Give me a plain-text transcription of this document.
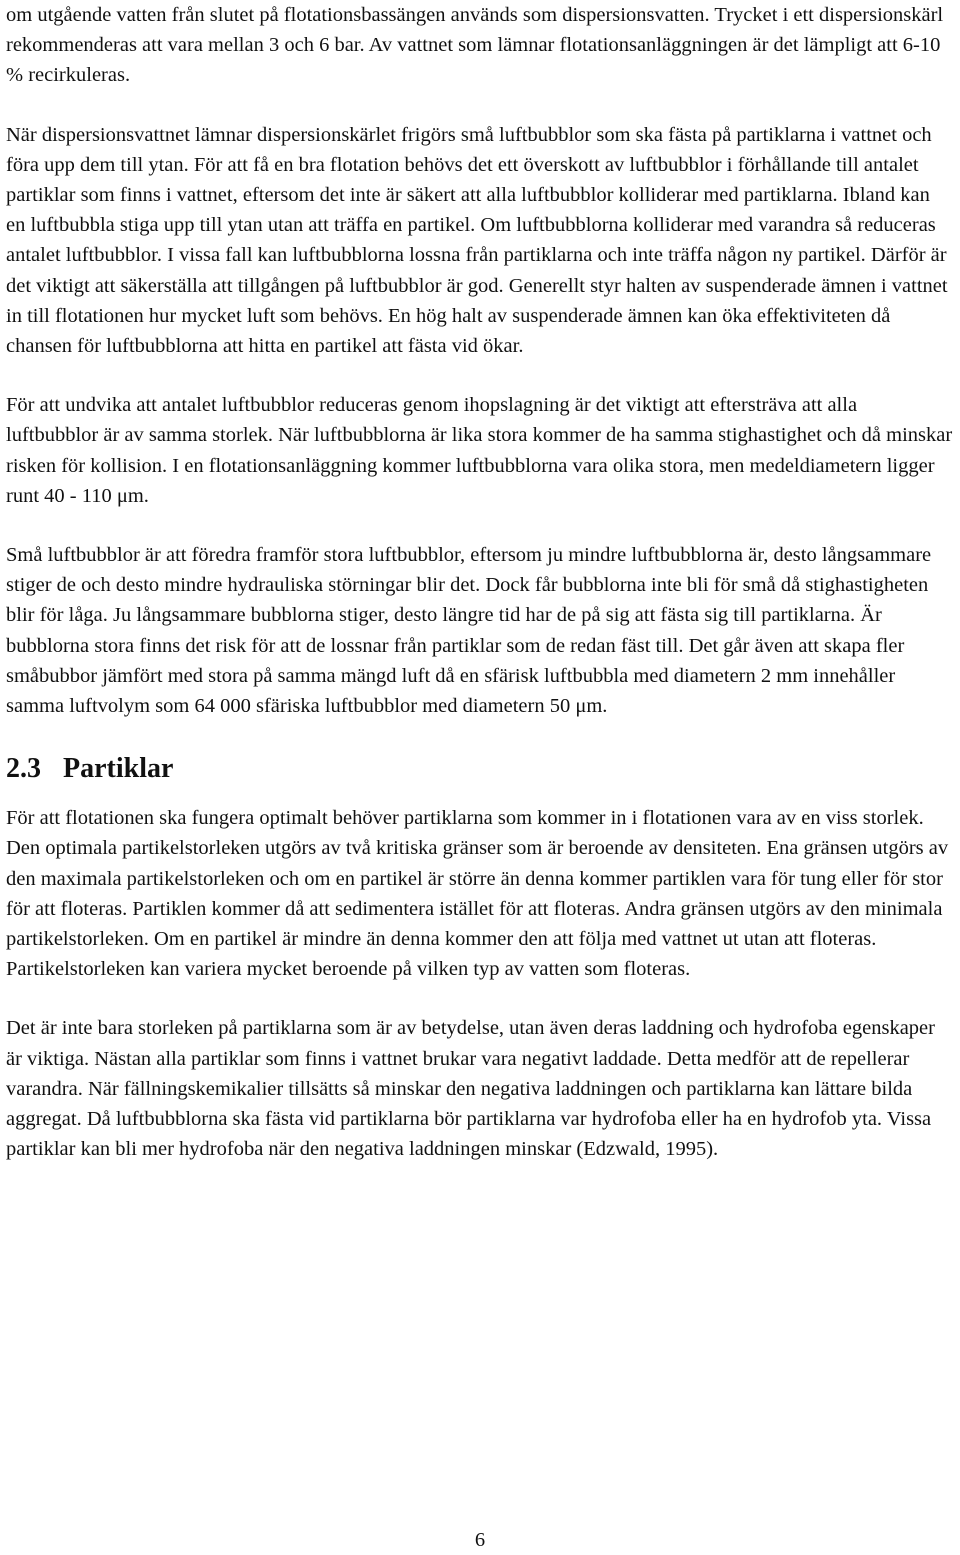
om utgående vatten från slutet på flotationsbassängen används som dispersionsvatten. Trycket i ett dispersionskärl rekommenderas att vara mellan 3 och 6 bar. Av vattnet som lämnar flotationsanläggningen är det lämpligt att 6-10 % recirkuleras.

När dispersionsvattnet lämnar dispersionskärlet frigörs små luftbubblor som ska fästa på partiklarna i vattnet och föra upp dem till ytan. För att få en bra flotation behövs det ett överskott av luftbubblor i förhållande till antalet partiklar som finns i vattnet, eftersom det inte är säkert att alla luftbubblor kolliderar med partiklarna. Ibland kan en luftbubbla stiga upp till ytan utan att träffa en partikel. Om luftbubblorna kolliderar med varandra så reduceras antalet luftbubblor. I vissa fall kan luftbubblorna lossna från partiklarna och inte träffa någon ny partikel. Därför är det viktigt att säkerställa att tillgången på luftbubblor är god. Generellt styr halten av suspenderade ämnen i vattnet in till flotationen hur mycket luft som behövs. En hög halt av suspenderade ämnen kan öka effektiviteten då chansen för luftbubblorna att hitta en partikel att fästa vid ökar.

För att undvika att antalet luftbubblor reduceras genom ihopslagning är det viktigt att eftersträva att alla luftbubblor är av samma storlek. När luftbubblorna är lika stora kommer de ha samma stighastighet och då minskar risken för kollision. I en flotationsanläggning kommer luftbubblorna vara olika stora, men medeldiametern ligger runt 40 - 110 μm.

Små luftbubblor är att föredra framför stora luftbubblor, eftersom ju mindre luftbubblorna är, desto långsammare stiger de och desto mindre hydrauliska störningar blir det. Dock får bubblorna inte bli för små då stighastigheten blir för låga. Ju långsammare bubblorna stiger, desto längre tid har de på sig att fästa sig till partiklarna. Är bubblorna stora finns det risk för att de lossnar från partiklar som de redan fäst till. Det går även att skapa fler småbubbor jämfört med stora på samma mängd luft då en sfärisk luftbubbla med diametern 2 mm innehåller samma luftvolym som 64 000 sfäriska luftbubblor med diametern 50 μm.

2.3 Partiklar

För att flotationen ska fungera optimalt behöver partiklarna som kommer in i flotationen vara av en viss storlek. Den optimala partikelstorleken utgörs av två kritiska gränser som är beroende av densiteten. Ena gränsen utgörs av den maximala partikelstorleken och om en partikel är större än denna kommer partiklen vara för tung eller för stor för att floteras. Partiklen kommer då att sedimentera istället för att floteras. Andra gränsen utgörs av den minimala partikelstorleken. Om en partikel är mindre än denna kommer den att följa med vattnet ut utan att floteras. Partikelstorleken kan variera mycket beroende på vilken typ av vatten som floteras.

Det är inte bara storleken på partiklarna som är av betydelse, utan även deras laddning och hydrofoba egenskaper är viktiga. Nästan alla partiklar som finns i vattnet brukar vara negativt laddade. Detta medför att de repellerar varandra. När fällningskemikalier tillsätts så minskar den negativa laddningen och partiklarna kan lättare bilda aggregat. Då luftbubblorna ska fästa vid partiklarna bör partiklarna var hydrofoba eller ha en hydrofob yta. Vissa partiklar kan bli mer hydrofoba när den negativa laddningen minskar (Edzwald, 1995).

6
